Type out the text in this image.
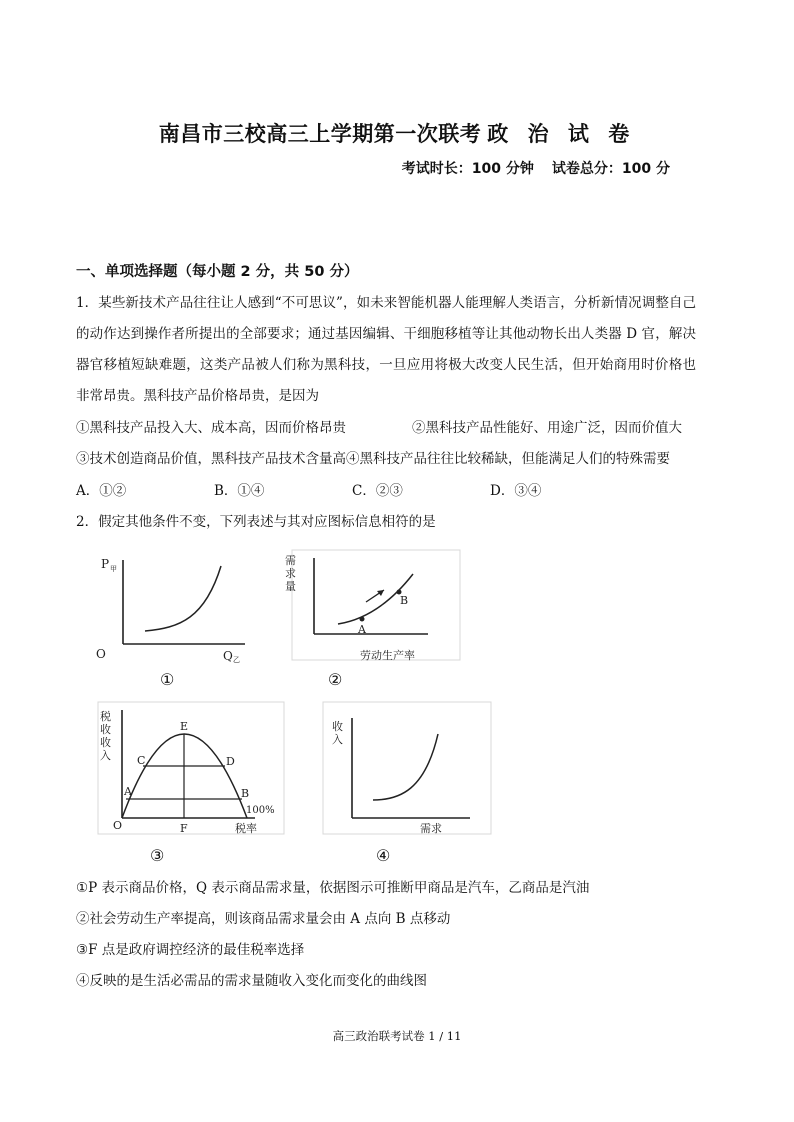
南昌市三校高三上学期第一次联考 政 治 试 卷
考试时长：100 分钟 试卷总分：100 分
一、单项选择题（每小题 2 分，共 50 分）
1．某些新技术产品往往让人感到“不可思议”，如未来智能机器人能理解人类语言，分析新情况调整自己的动作达到操作者所提出的全部要求；通过基因编辑、干细胞移植等让其他动物长出人类器 D 官，解决器官移植短缺难题，这类产品被人们称为黑科技，一旦应用将极大改变人民生活，但开始商用时价格也非常昂贵。黑科技产品价格昂贵，是因为
①黑科技产品投入大、成本高，因而价格昂贵	②黑科技产品性能好、用途广泛，因而价值大
③技术创造商品价值，黑科技产品技术含量高④黑科技产品往往比较稀缺，但能满足人们的特殊需要
A．①②	B．①④	C．②③	D．③④
2．假定其他条件不变，下列表述与其对应图标信息相符的是
P 甲
O	Q 乙
①
需
求
量
A
B
劳动生产率
②
税
收
收
入
E
C	D
A	B
100%
O	F	税率
③
收
入
需求
④
①P 表示商品价格，Q 表示商品需求量，依据图示可推断甲商品是汽车，乙商品是汽油
②社会劳动生产率提高，则该商品需求量会由 A 点向 B 点移动
③F 点是政府调控经济的最佳税率选择
④反映的是生活必需品的需求量随收入变化而变化的曲线图
高三政治联考试卷 1 / 11
